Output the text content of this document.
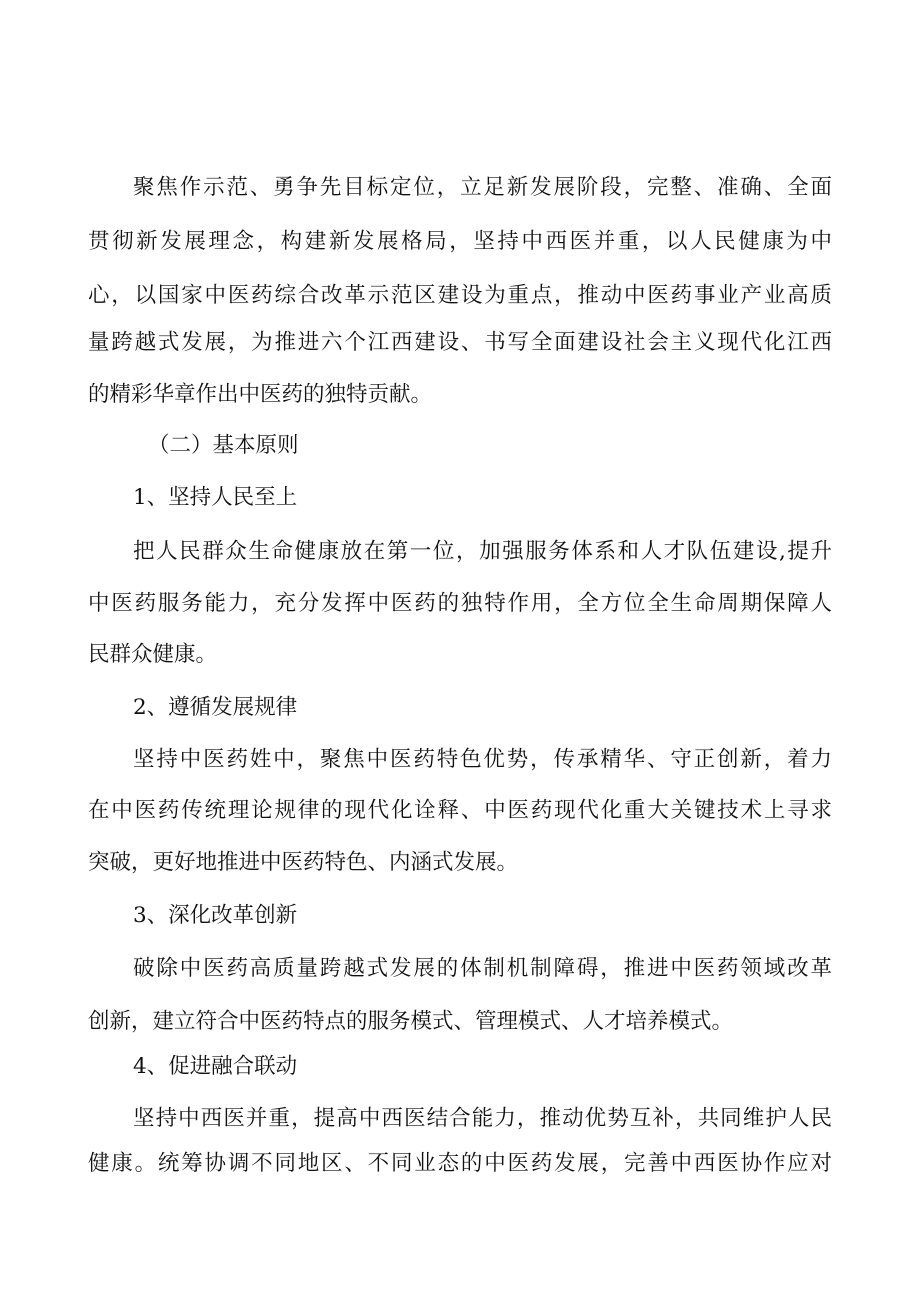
聚焦作示范、勇争先目标定位，立足新发展阶段，完整、准确、全面
贯彻新发展理念，构建新发展格局，坚持中西医并重，以人民健康为中
心，以国家中医药综合改革示范区建设为重点，推动中医药事业产业高质
量跨越式发展，为推进六个江西建设、书写全面建设社会主义现代化江西
的精彩华章作出中医药的独特贡献。
（二）基本原则
1、坚持人民至上
把人民群众生命健康放在第一位，加强服务体系和人才队伍建设,提升
中医药服务能力，充分发挥中医药的独特作用，全方位全生命周期保障人
民群众健康。
2、遵循发展规律
坚持中医药姓中，聚焦中医药特色优势，传承精华、守正创新，着力
在中医药传统理论规律的现代化诠释、中医药现代化重大关键技术上寻求
突破，更好地推进中医药特色、内涵式发展。
3、深化改革创新
破除中医药高质量跨越式发展的体制机制障碍，推进中医药领域改革
创新，建立符合中医药特点的服务模式、管理模式、人才培养模式。
4、促进融合联动
坚持中西医并重，提高中西医结合能力，推动优势互补，共同维护人民
健康。统筹协调不同地区、不同业态的中医药发展，完善中西医协作应对
